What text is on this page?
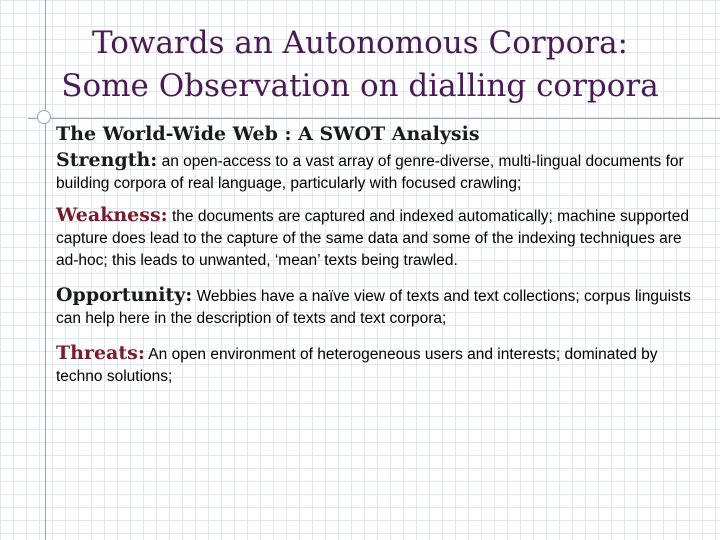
Towards an Autonomous Corpora:
Some Observation on dialling corpora
The World-Wide Web : A SWOT Analysis
Strength: an open-access to a vast array of genre-diverse, multi-lingual documents for building corpora of real language, particularly with focused crawling;
Weakness: the documents are captured and indexed automatically; machine supported capture does lead to the capture of the same data and some of the indexing techniques are ad-hoc; this leads to unwanted, ‘mean’ texts being trawled.
Opportunity: Webbies have a naïve view of texts and text collections; corpus linguists can help here in the description of texts and text corpora;
Threats: An open environment of heterogeneous users and interests; dominated by techno solutions;
